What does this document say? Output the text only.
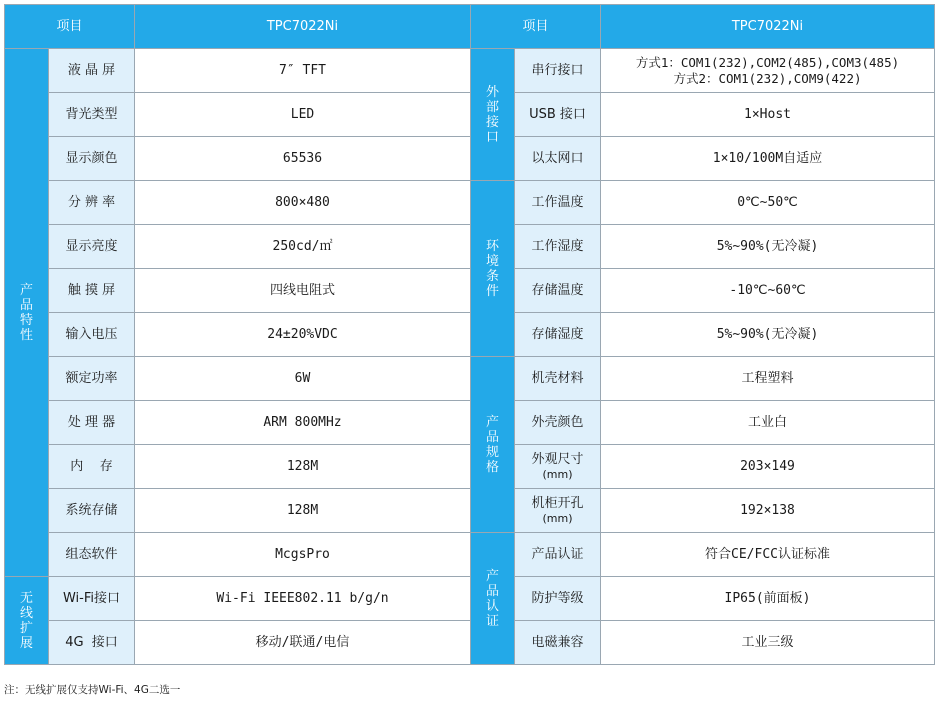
项目		TPC7022Ni	项目		TPC7022Ni
产品特性	液 晶 屏	7″ TFT	外部接口	串行接口	方式1：COM1(232),COM2(485),COM3(485)
方式2：COM1(232),COM9(422)

	背光类型	LED		USB 接口	1×Host

	显示颜色	65536		以太网口	1×10/100M自适应

	分 辨 率	800×480	环境条件	工作温度	0℃~50℃

	显示亮度	250cd/㎡		工作湿度	5%~90%(无冷凝)

	触 摸 屏	四线电阻式		存储温度	-10℃~60℃

	输入电压	24±20%VDC		存储湿度	5%~90%(无冷凝)

	额定功率	6W	产品规格	机壳材料	工程塑料

	处 理 器	ARM 800MHz		外壳颜色	工业白

	内    存	128M		外观尺寸
(mm)	203×149

	系统存储	128M		机柜开孔
(mm)	192×138

	组态软件	McgsPro	产品认证	产品认证	符合CE/FCC认证标准

无线扩展	Wi-Fi接口	Wi-Fi IEEE802.11 b/g/n		防护等级	IP65(前面板)

	4G  接口	移动/联通/电信		电磁兼容	工业三级
注：无线扩展仅支持Wi-Fi、4G二选一
